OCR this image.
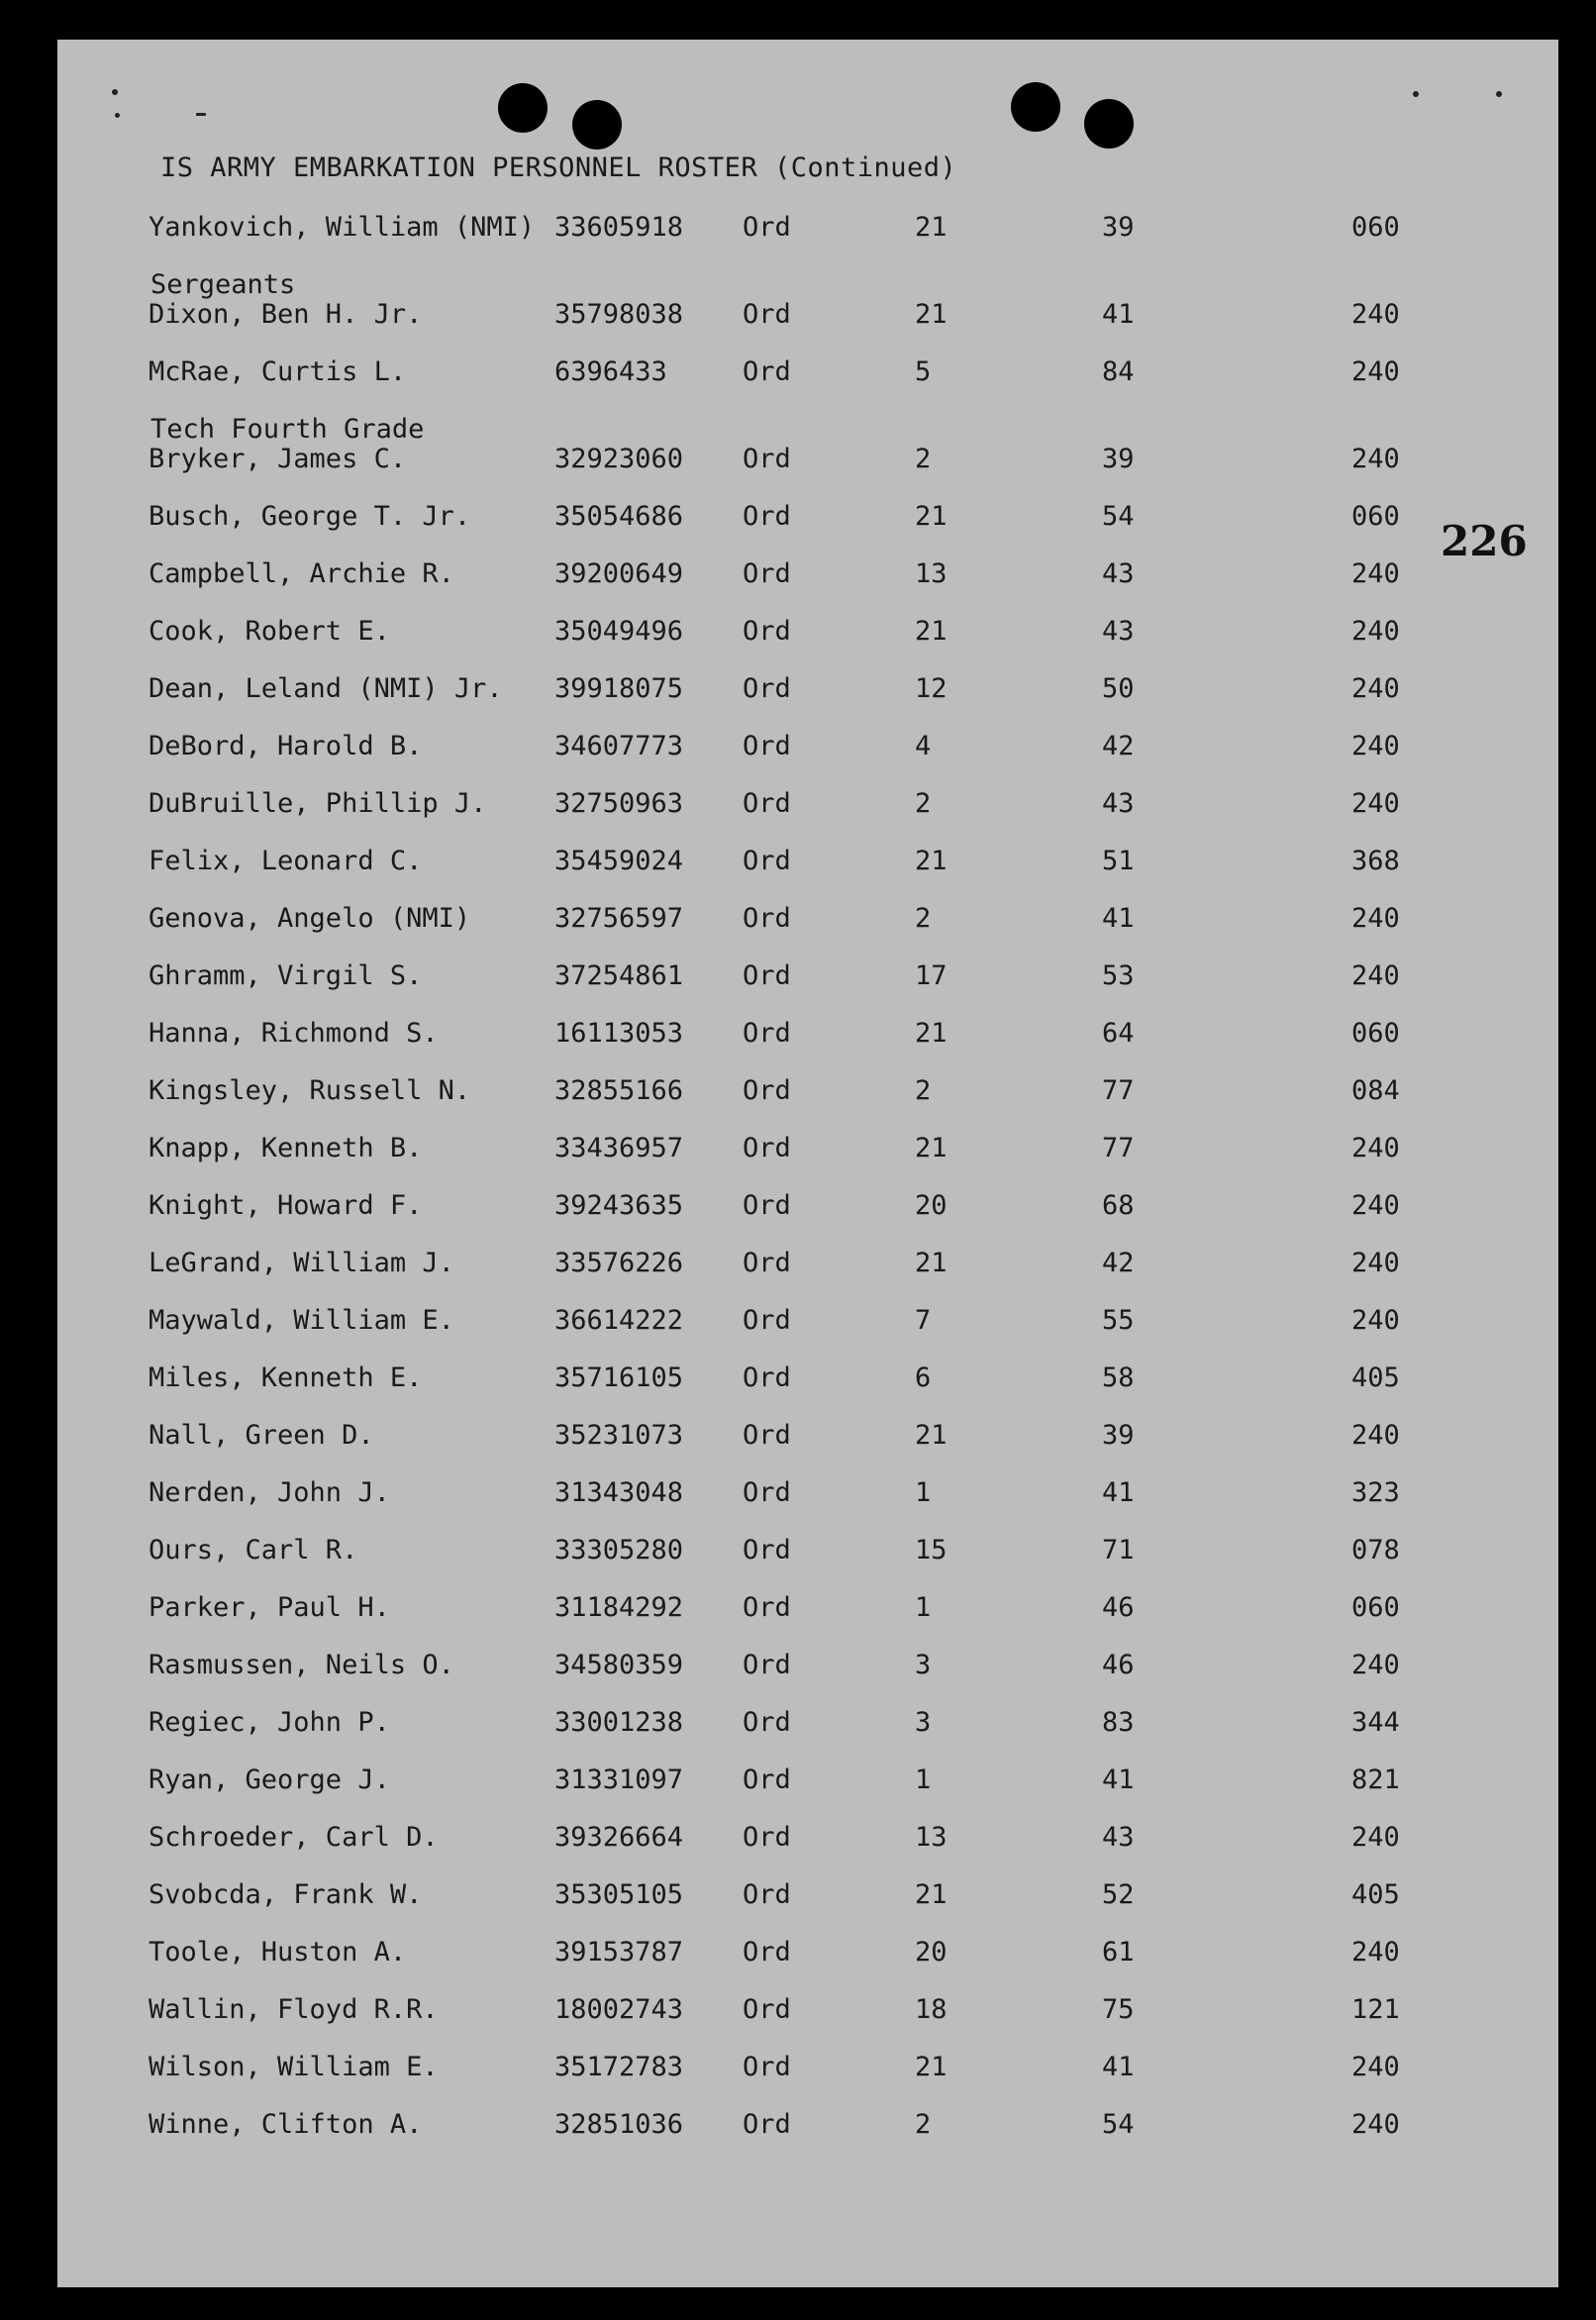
IS ARMY EMBARKATION PERSONNEL ROSTER (Continued)
226
Yankovich, William (NMI) 33605918 Ord	21	39	060
Sergeants
Dixon, Ben H. Jr.	35798038 Ord	21	41	240
McRae, Curtis L.	6396433	Ord	5	84	240
Tech Fourth Grade
Bryker, James C.	32923060 Ord	2	39	240
Busch, George T. Jr.	35054686 Ord	21	54	060
Campbell, Archie R.	39200649 Ord	13	43	240
Cook, Robert E.	35049496 Ord	21	43	240
Dean, Leland (NMI) Jr. 39918075 Ord	12	50	240
DeBord, Harold B.	34607773 Ord	4	42	240
DuBruille, Phillip J.	32750963 Ord	2	43	240
Felix, Leonard C.	35459024 Ord	21	51	368
Genova, Angelo (NMI)	32756597 Ord	2	41	240
Ghramm, Virgil S.	37254861 Ord	17	53	240
Hanna, Richmond S.	16113053 Ord	21	64	060
Kingsley, Russell N.	32855166 Ord	2	77	084
Knapp, Kenneth B.	33436957 Ord	21	77	240
Knight, Howard F.	39243635 Ord	20	68	240
LeGrand, William J.	33576226 Ord	21	42	240
Maywald, William E.	36614222 Ord	7	55	240
Miles, Kenneth E.	35716105 Ord	6	58	405
Nall, Green D.	35231073 Ord	21	39	240
Nerden, John J.	31343048 Ord	1	41	323
Ours, Carl R.	33305280 Ord	15	71	078
Parker, Paul H.	31184292 Ord	1	46	060
Rasmussen, Neils O.	34580359 Ord	3	46	240
Regiec, John P.	33001238 Ord	3	83	344
Ryan, George J.	31331097 Ord	1	41	821
Schroeder, Carl D.	39326664 Ord	13	43	240
Svobcda, Frank W.	35305105 Ord	21	52	405
Toole, Huston A.	39153787 Ord	20	61	240
Wallin, Floyd R.R.	18002743 Ord	18	75	121
Wilson, William E.	35172783 Ord	21	41	240
Winne, Clifton A.	32851036 Ord	2	54	240
